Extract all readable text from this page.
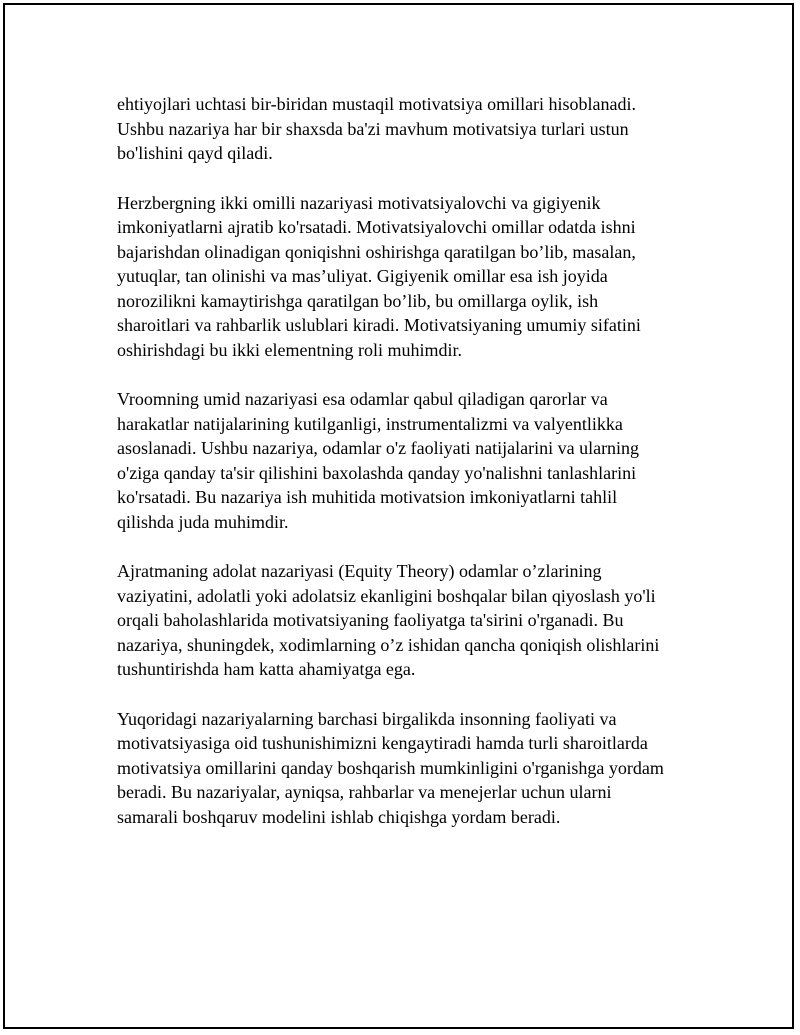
ehtiyojlari uchtasi bir-biridan mustaqil motivatsiya omillari hisoblanadi.
Ushbu nazariya har bir shaxsda ba'zi mavhum motivatsiya turlari ustun
bo'lishini qayd qiladi.

Herzbergning ikki omilli nazariyasi motivatsiyalovchi va gigiyenik
imkoniyatlarni ajratib ko'rsatadi. Motivatsiyalovchi omillar odatda ishni
bajarishdan olinadigan qoniqishni oshirishga qaratilgan bo’lib, masalan,
yutuqlar, tan olinishi va mas’uliyat. Gigiyenik omillar esa ish joyida
norozilikni kamaytirishga qaratilgan bo’lib, bu omillarga oylik, ish
sharoitlari va rahbarlik uslublari kiradi. Motivatsiyaning umumiy sifatini
oshirishdagi bu ikki elementning roli muhimdir.

Vroomning umid nazariyasi esa odamlar qabul qiladigan qarorlar va
harakatlar natijalarining kutilganligi, instrumentalizmi va valyentlikka
asoslanadi. Ushbu nazariya, odamlar o'z faoliyati natijalarini va ularning
o'ziga qanday ta'sir qilishini baxolashda qanday yo'nalishni tanlashlarini
ko'rsatadi. Bu nazariya ish muhitida motivatsion imkoniyatlarni tahlil
qilishda juda muhimdir.

Ajratmaning adolat nazariyasi (Equity Theory) odamlar o’zlarining
vaziyatini, adolatli yoki adolatsiz ekanligini boshqalar bilan qiyoslash yo'li
orqali baholashlarida motivatsiyaning faoliyatga ta'sirini o'rganadi. Bu
nazariya, shuningdek, xodimlarning o’z ishidan qancha qoniqish olishlarini
tushuntirishda ham katta ahamiyatga ega.

Yuqoridagi nazariyalarning barchasi birgalikda insonning faoliyati va
motivatsiyasiga oid tushunishimizni kengaytiradi hamda turli sharoitlarda
motivatsiya omillarini qanday boshqarish mumkinligini o'rganishga yordam
beradi. Bu nazariyalar, ayniqsa, rahbarlar va menejerlar uchun ularni
samarali boshqaruv modelini ishlab chiqishga yordam beradi.
